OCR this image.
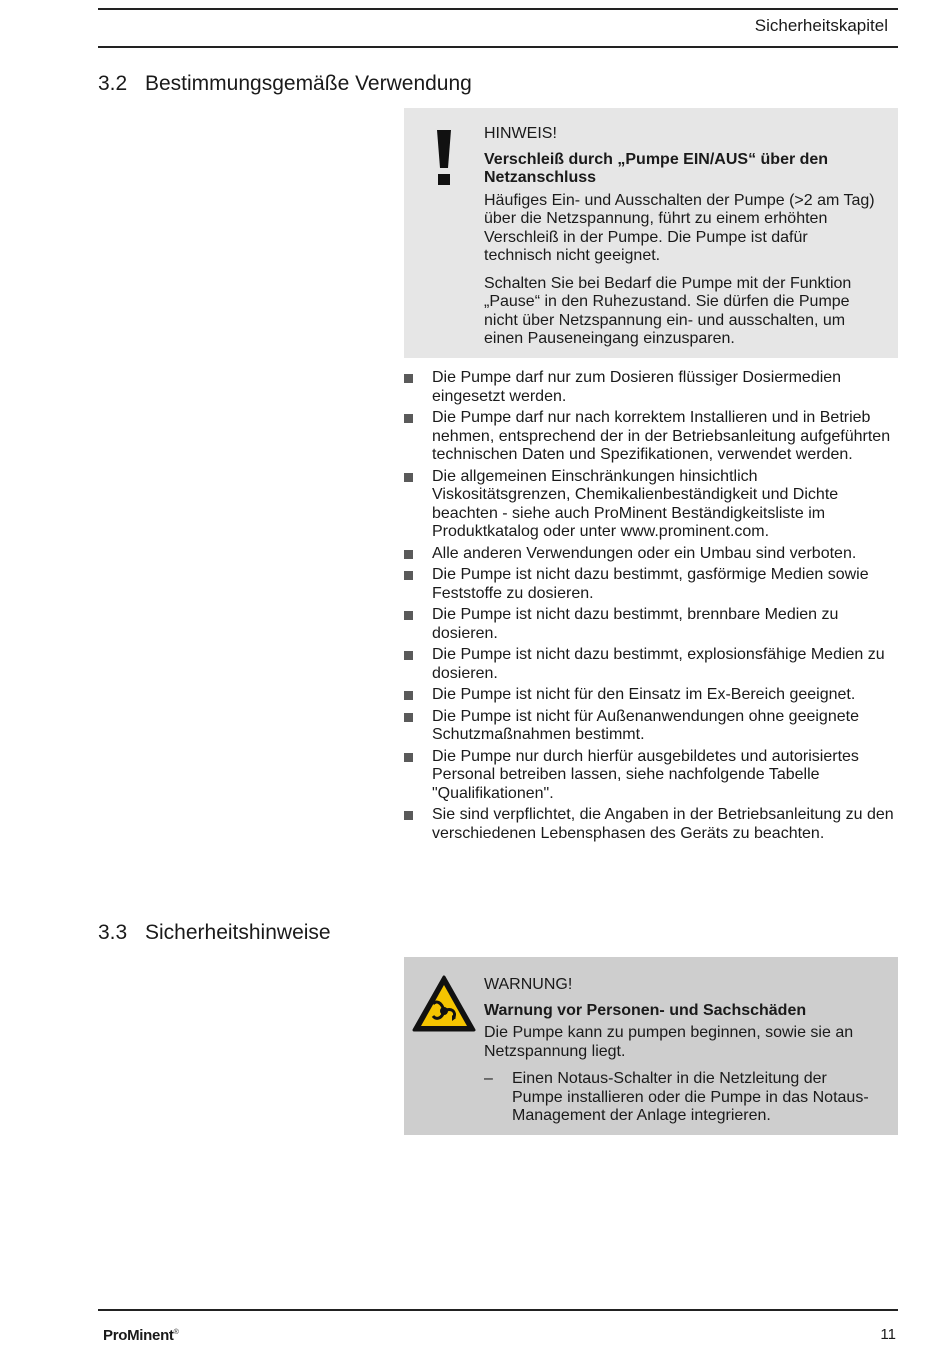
Sicherheitskapitel
3.2 Bestimmungsgemäße Verwendung
HINWEIS!
Verschleiß durch „Pumpe EIN/AUS“ über den Netzanschluss

Häufiges Ein- und Ausschalten der Pumpe (>2 am Tag) über die Netzspannung, führt zu einem erhöhten Verschleiß in der Pumpe. Die Pumpe ist dafür technisch nicht geeignet.

Schalten Sie bei Bedarf die Pumpe mit der Funktion „Pause“ in den Ruhezustand. Sie dürfen die Pumpe nicht über Netzspannung ein- und ausschalten, um einen Pauseneingang einzusparen.

Die Pumpe darf nur zum Dosieren flüssiger Dosiermedien eingesetzt werden.
Die Pumpe darf nur nach korrektem Installieren und in Betrieb nehmen, entsprechend der in der Betriebsanleitung aufgeführten technischen Daten und Spezifikationen, verwendet werden.
Die allgemeinen Einschränkungen hinsichtlich Viskositätsgrenzen, Chemikalienbeständigkeit und Dichte beachten - siehe auch ProMinent Beständigkeitsliste im Produktkatalog oder unter www.prominent.com.
Alle anderen Verwendungen oder ein Umbau sind verboten.
Die Pumpe ist nicht dazu bestimmt, gasförmige Medien sowie Feststoffe zu dosieren.
Die Pumpe ist nicht dazu bestimmt, brennbare Medien zu dosieren.
Die Pumpe ist nicht dazu bestimmt, explosionsfähige Medien zu dosieren.
Die Pumpe ist nicht für den Einsatz im Ex-Bereich geeignet.
Die Pumpe ist nicht für Außenanwendungen ohne geeignete Schutzmaßnahmen bestimmt.
Die Pumpe nur durch hierfür ausgebildetes und autorisiertes Personal betreiben lassen, siehe nachfolgende Tabelle "Qualifikationen".
Sie sind verpflichtet, die Angaben in der Betriebsanleitung zu den verschiedenen Lebensphasen des Geräts zu beachten.
3.3 Sicherheitshinweise
WARNUNG!
Warnung vor Personen- und Sachschäden

Die Pumpe kann zu pumpen beginnen, sowie sie an Netzspannung liegt.

– Einen Notaus-Schalter in die Netzleitung der Pumpe installieren oder die Pumpe in das Notaus-Management der Anlage integrieren.
ProMinent®	11
